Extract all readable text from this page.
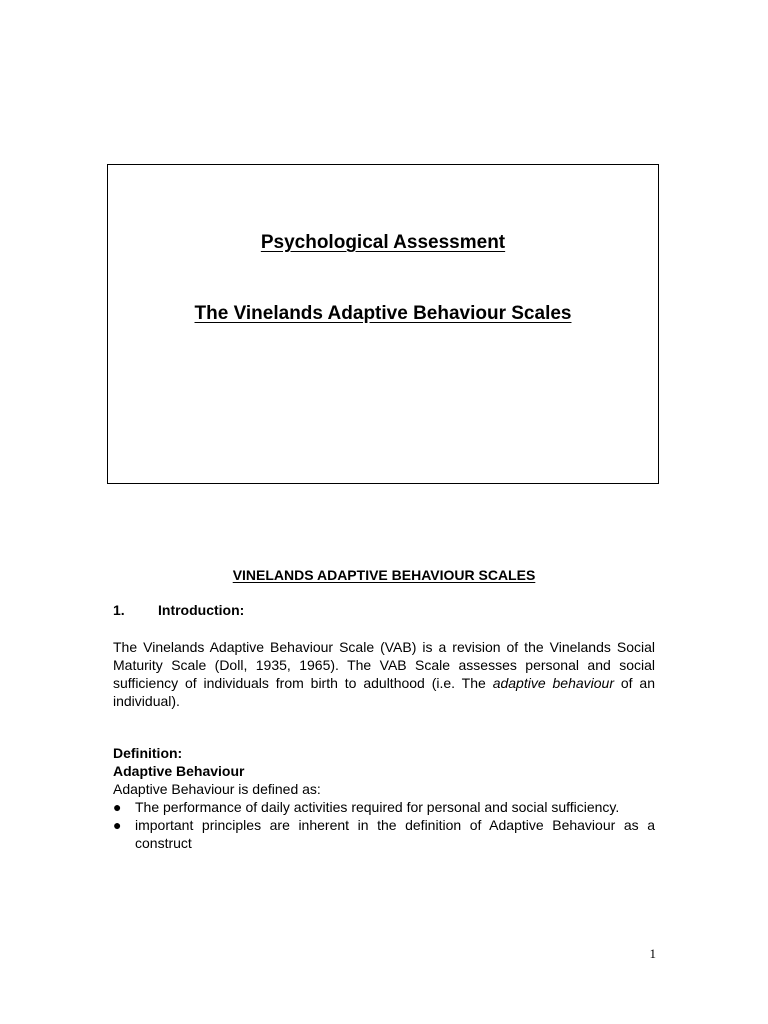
Psychological Assessment
The Vinelands Adaptive Behaviour Scales
VINELANDS ADAPTIVE BEHAVIOUR SCALES
1. Introduction:
The Vinelands Adaptive Behaviour Scale (VAB) is a revision of the Vinelands Social Maturity Scale (Doll, 1935, 1965). The VAB Scale assesses personal and social sufficiency of individuals from birth to adulthood (i.e. The adaptive behaviour of an individual).
Definition:
Adaptive Behaviour
Adaptive Behaviour is defined as:
● The performance of daily activities required for personal and social sufficiency.
● important principles are inherent in the definition of Adaptive Behaviour as a construct
1
